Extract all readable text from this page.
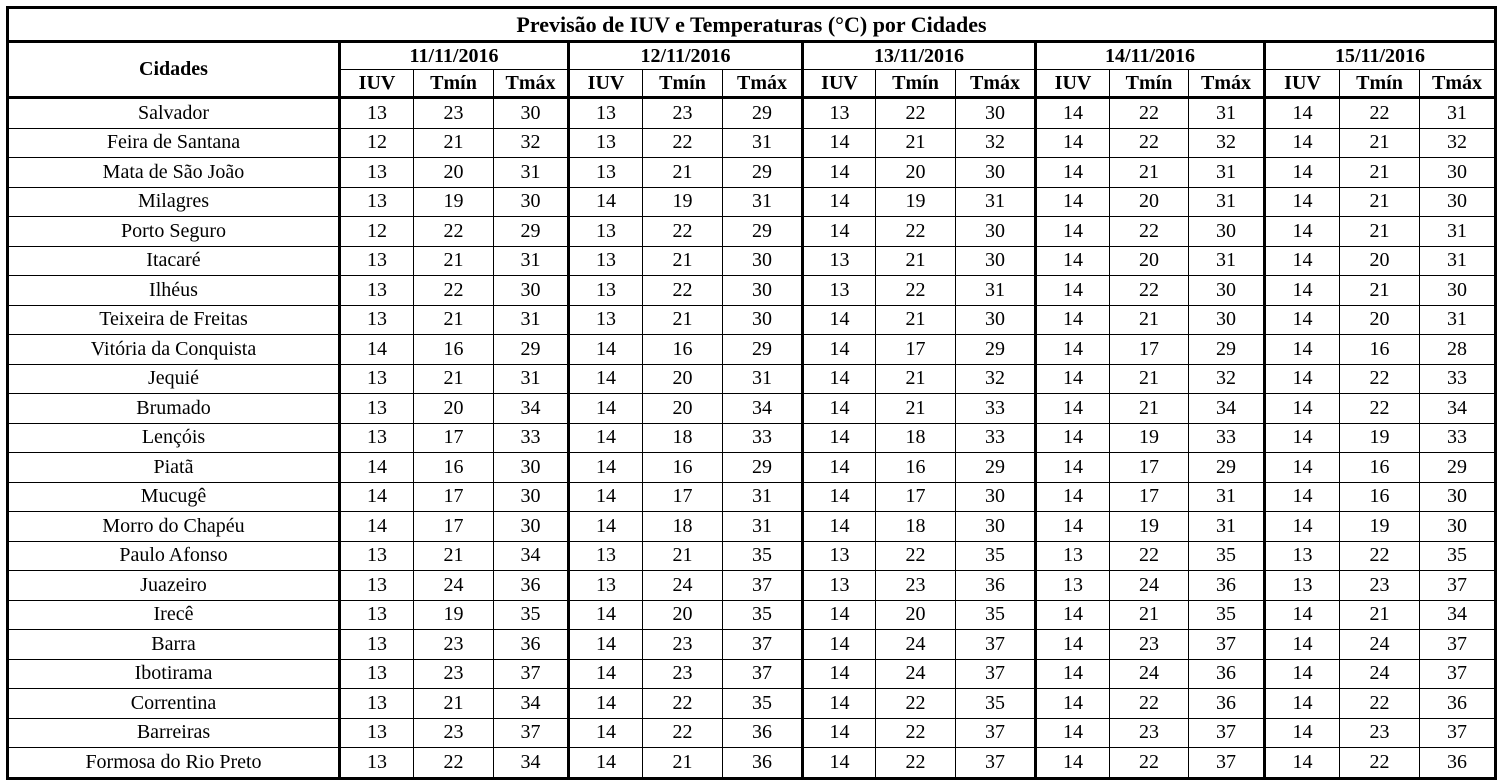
Previsão de IUV e Temperaturas (°C) por Cidades															
Cidades	11/11/2016			12/11/2016			13/11/2016			14/11/2016			15/11/2016		
	IUV	Tmín	Tmáx	IUV	Tmín	Tmáx	IUV	Tmín	Tmáx	IUV	Tmín	Tmáx	IUV	Tmín	Tmáx
Salvador	13	23	30	13	23	29	13	22	30	14	22	31	14	22	31
Feira de Santana	12	21	32	13	22	31	14	21	32	14	22	32	14	21	32
Mata de São João	13	20	31	13	21	29	14	20	30	14	21	31	14	21	30
Milagres	13	19	30	14	19	31	14	19	31	14	20	31	14	21	30
Porto Seguro	12	22	29	13	22	29	14	22	30	14	22	30	14	21	31
Itacaré	13	21	31	13	21	30	13	21	30	14	20	31	14	20	31
Ilhéus	13	22	30	13	22	30	13	22	31	14	22	30	14	21	30
Teixeira de Freitas	13	21	31	13	21	30	14	21	30	14	21	30	14	20	31
Vitória da Conquista	14	16	29	14	16	29	14	17	29	14	17	29	14	16	28
Jequié	13	21	31	14	20	31	14	21	32	14	21	32	14	22	33
Brumado	13	20	34	14	20	34	14	21	33	14	21	34	14	22	34
Lençóis	13	17	33	14	18	33	14	18	33	14	19	33	14	19	33
Piatã	14	16	30	14	16	29	14	16	29	14	17	29	14	16	29
Mucugê	14	17	30	14	17	31	14	17	30	14	17	31	14	16	30
Morro do Chapéu	14	17	30	14	18	31	14	18	30	14	19	31	14	19	30
Paulo Afonso	13	21	34	13	21	35	13	22	35	13	22	35	13	22	35
Juazeiro	13	24	36	13	24	37	13	23	36	13	24	36	13	23	37
Irecê	13	19	35	14	20	35	14	20	35	14	21	35	14	21	34
Barra	13	23	36	14	23	37	14	24	37	14	23	37	14	24	37
Ibotirama	13	23	37	14	23	37	14	24	37	14	24	36	14	24	37
Correntina	13	21	34	14	22	35	14	22	35	14	22	36	14	22	36
Barreiras	13	23	37	14	22	36	14	22	37	14	23	37	14	23	37
Formosa do Rio Preto	13	22	34	14	21	36	14	22	37	14	22	37	14	22	36
